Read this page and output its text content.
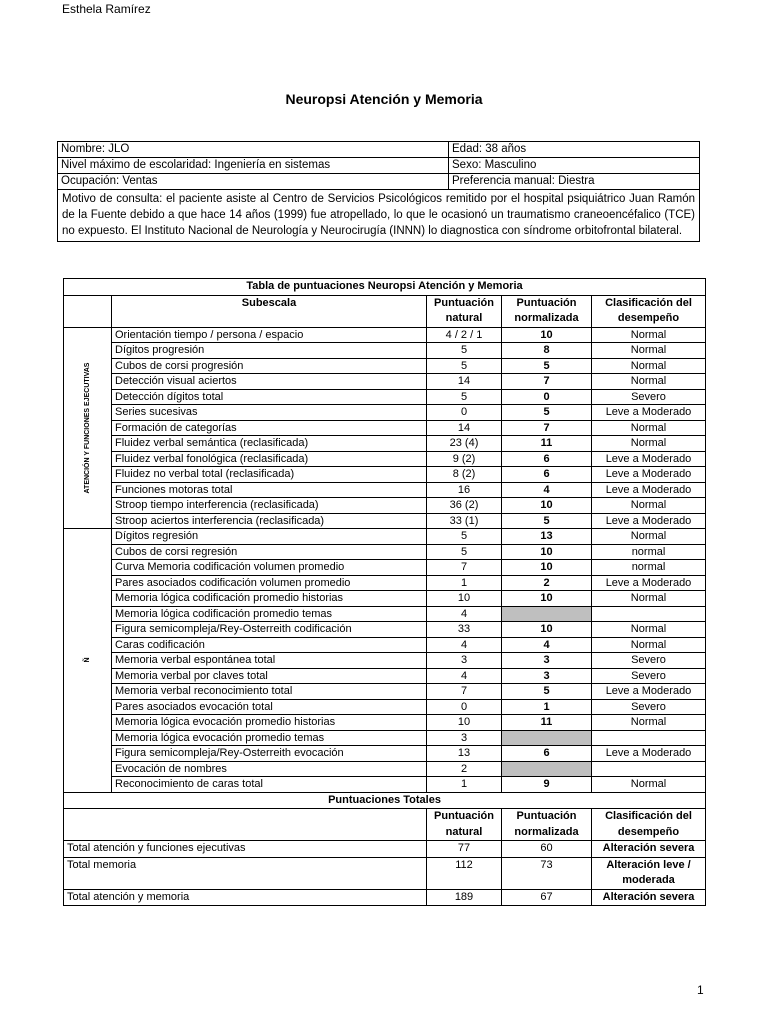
Esthela Ramírez
Neuropsi Atención y Memoria
Nombre: JLO	Edad: 38 años
Nivel máximo de escolaridad: Ingeniería en sistemas	Sexo: Masculino
Ocupación: Ventas	Preferencia manual: Diestra
Motivo de consulta: el paciente asiste al Centro de Servicios Psicológicos remitido por el hospital psiquiátrico Juan Ramón de la Fuente debido a que hace 14 años (1999) fue atropellado, lo que le ocasionó un traumatismo craneoencéfalico (TCE) no expuesto. El Instituto Nacional de Neurología y Neurocirugía (INNN) lo diagnostica con síndrome orbitofrontal bilateral.	
Tabla de puntuaciones Neuropsi Atención y Memoria				
	Subescala	Puntuación natural	Puntuación normalizada	Clasificación del desempeño

ATENCIÓN Y FUNCIONES EJECUTIVAS	Orientación tiempo / persona / espacio	4 / 2 / 1	10	Normal
	Dígitos progresión	5	8	Normal
	Cubos de corsi progresión	5	5	Normal
	Detección visual aciertos	14	7	Normal
	Detección dígitos total	5	0	Severo
	Series sucesivas	0	5	Leve a Moderado
	Formación de categorías	14	7	Normal
	Fluidez verbal semántica (reclasificada)	23 (4)	11	Normal
	Fluidez verbal fonológica (reclasificada)	9 (2)	6	Leve a Moderado
	Fluidez no verbal total (reclasificada)	8 (2)	6	Leve a Moderado
	Funciones motoras total	16	4	Leve a Moderado
	Stroop tiempo interferencia (reclasificada)	36 (2)	10	Normal
	Stroop aciertos interferencia (reclasificada)	33 (1)	5	Leve a Moderado

Ñ	Dígitos regresión	5	13	Normal
	Cubos de corsi regresión	5	10	normal
	Curva Memoria codificación volumen promedio	7	10	normal
	Pares asociados codificación volumen promedio	1	2	Leve a Moderado
	Memoria lógica codificación promedio historias	10	10	Normal
	Memoria lógica codificación promedio temas	4		
	Figura semicompleja/Rey-Osterreith codificación	33	10	Normal
	Caras codificación	4	4	Normal
	Memoria verbal espontánea total	3	3	Severo
	Memoria verbal por claves total	4	3	Severo
	Memoria verbal reconocimiento total	7	5	Leve a Moderado
	Pares asociados evocación total	0	1	Severo
	Memoria lógica evocación promedio historias	10	11	Normal
	Memoria lógica evocación promedio temas	3		
	Figura semicompleja/Rey-Osterreith evocación	13	6	Leve a Moderado
	Evocación de nombres	2		
	Reconocimiento de caras total	1	9	Normal
Puntuaciones Totales				
		Puntuación natural	Puntuación normalizada	Clasificación del desempeño
Total atención y funciones ejecutivas		77	60	Alteración severa
Total memoria		112	73	Alteración leve / moderada
Total atención y memoria		189	67	Alteración severa
1
